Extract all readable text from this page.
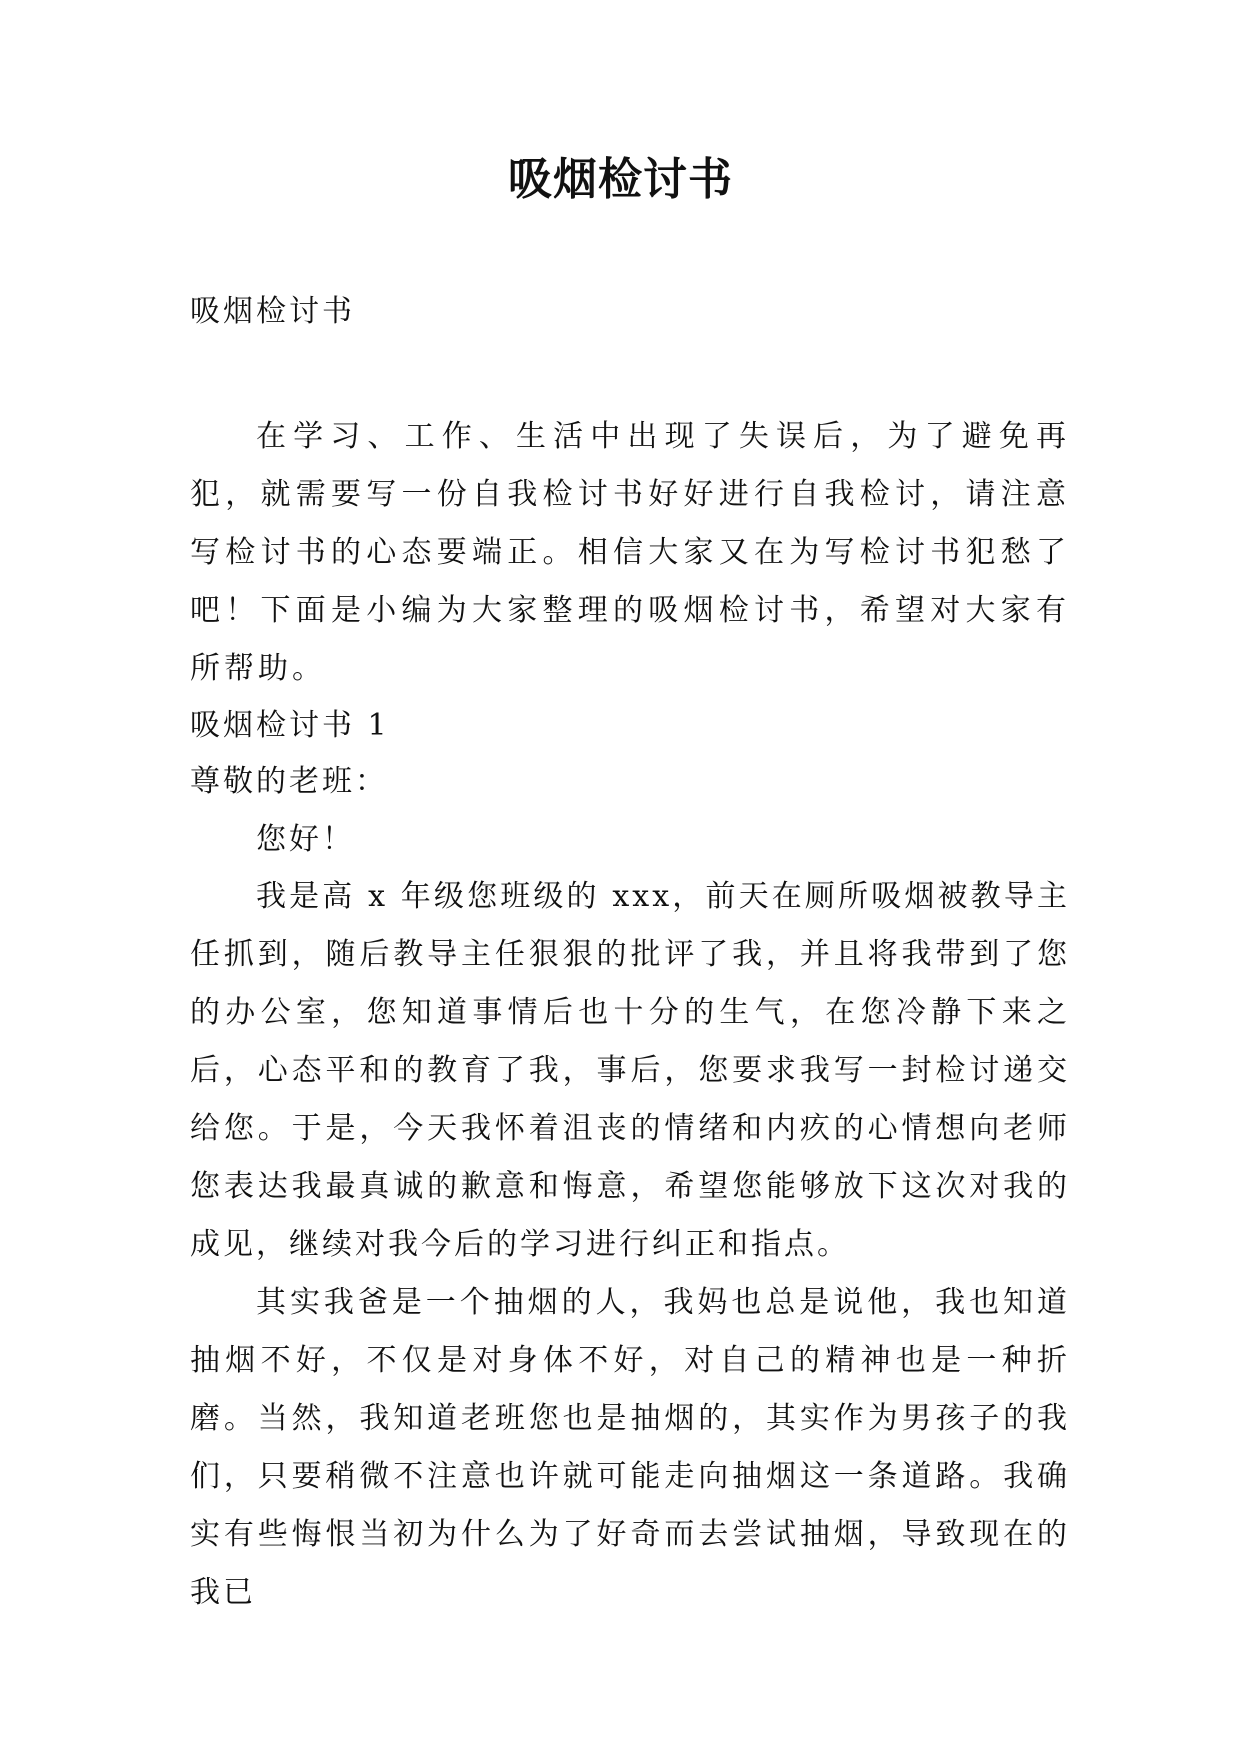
吸烟检讨书
吸烟检讨书

在学习、工作、生活中出现了失误后，为了避免再犯，就需要写一份自我检讨书好好进行自我检讨，请注意写检讨书的心态要端正。相信大家又在为写检讨书犯愁了吧！下面是小编为大家整理的吸烟检讨书，希望对大家有所帮助。

吸烟检讨书 1
尊敬的老班：
您好！

我是高 x 年级您班级的 xxx，前天在厕所吸烟被教导主任抓到，随后教导主任狠狠的批评了我，并且将我带到了您的办公室，您知道事情后也十分的生气，在您冷静下来之后，心态平和的教育了我，事后，您要求我写一封检讨递交给您。于是，今天我怀着沮丧的情绪和内疚的心情想向老师您表达我最真诚的歉意和悔意，希望您能够放下这次对我的成见，继续对我今后的学习进行纠正和指点。

其实我爸是一个抽烟的人，我妈也总是说他，我也知道抽烟不好，不仅是对身体不好，对自己的精神也是一种折磨。当然，我知道老班您也是抽烟的，其实作为男孩子的我们，只要稍微不注意也许就可能走向抽烟这一条道路。我确实有些悔恨当初为什么为了好奇而去尝试抽烟，导致现在的我已
